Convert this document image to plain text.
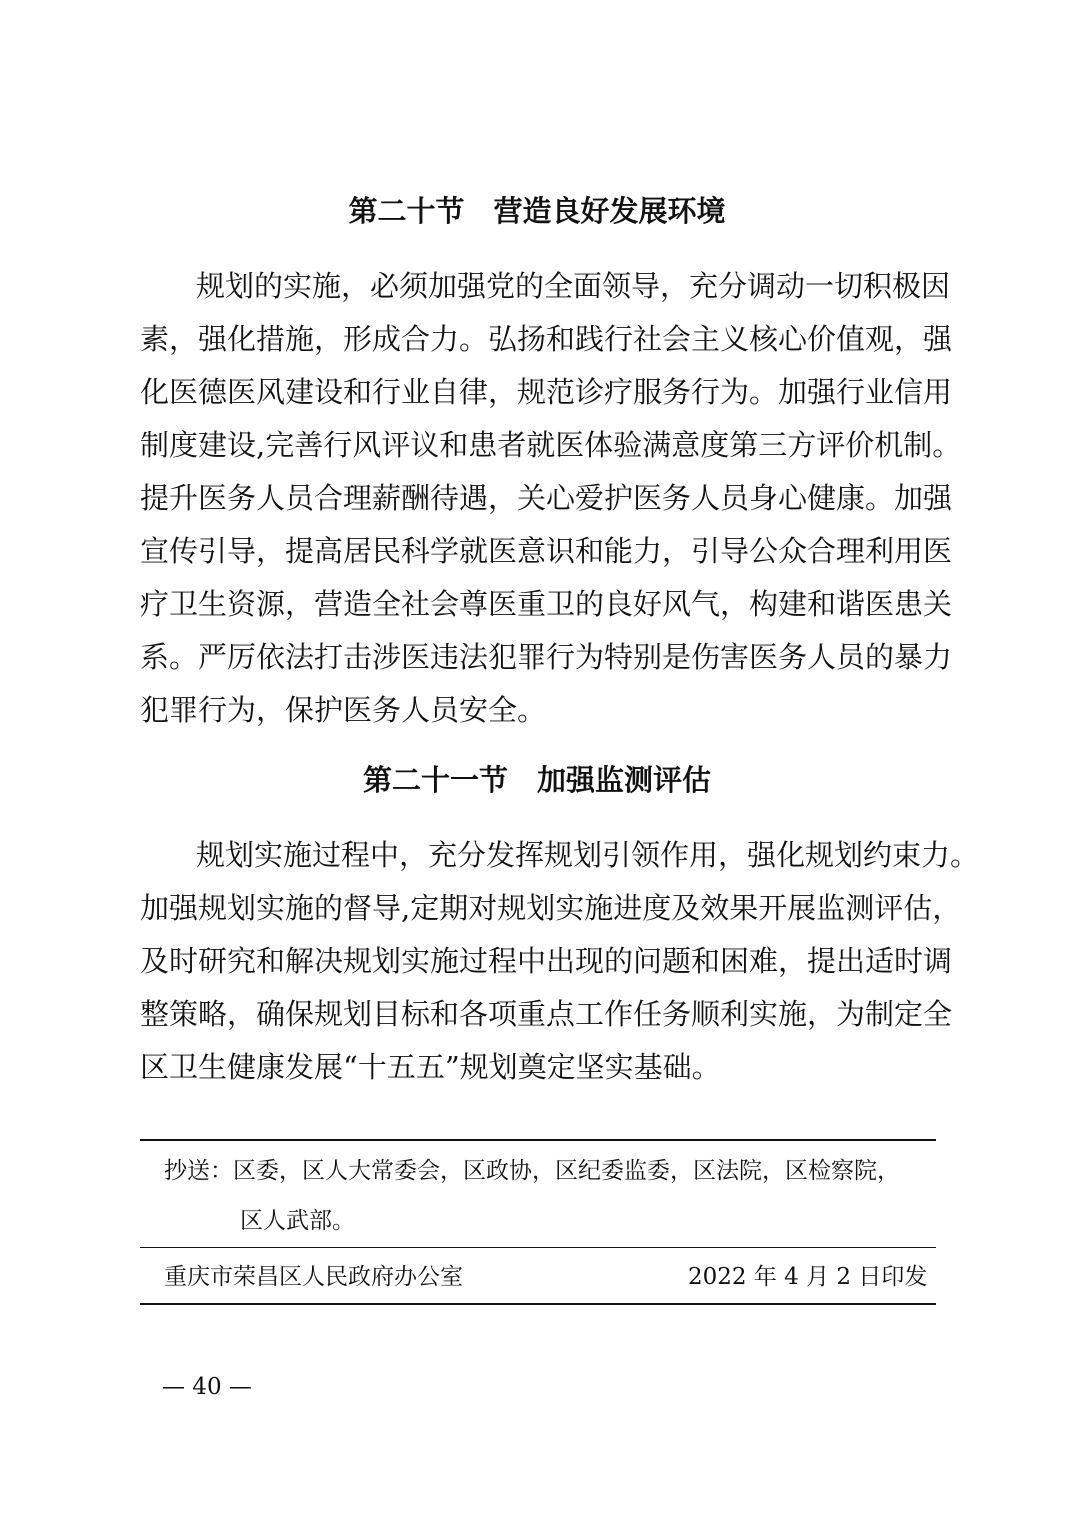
第二十节　营造良好发展环境
规划的实施，必须加强党的全面领导，充分调动一切积极因
素，强化措施，形成合力。弘扬和践行社会主义核心价值观，强
化医德医风建设和行业自律，规范诊疗服务行为。加强行业信用
制度建设,完善行风评议和患者就医体验满意度第三方评价机制。
提升医务人员合理薪酬待遇，关心爱护医务人员身心健康。加强
宣传引导，提高居民科学就医意识和能力，引导公众合理利用医
疗卫生资源，营造全社会尊医重卫的良好风气，构建和谐医患关
系。严厉依法打击涉医违法犯罪行为特别是伤害医务人员的暴力
犯罪行为，保护医务人员安全。
第二十一节　加强监测评估
规划实施过程中，充分发挥规划引领作用，强化规划约束力。
加强规划实施的督导,定期对规划实施进度及效果开展监测评估，
及时研究和解决规划实施过程中出现的问题和困难，提出适时调
整策略，确保规划目标和各项重点工作任务顺利实施，为制定全
区卫生健康发展“十五五”规划奠定坚实基础。
抄送：区委，区人大常委会，区政协，区纪委监委，区法院，区检察院，
区人武部。
重庆市荣昌区人民政府办公室	2022 年 4 月 2 日印发
— 40 —
